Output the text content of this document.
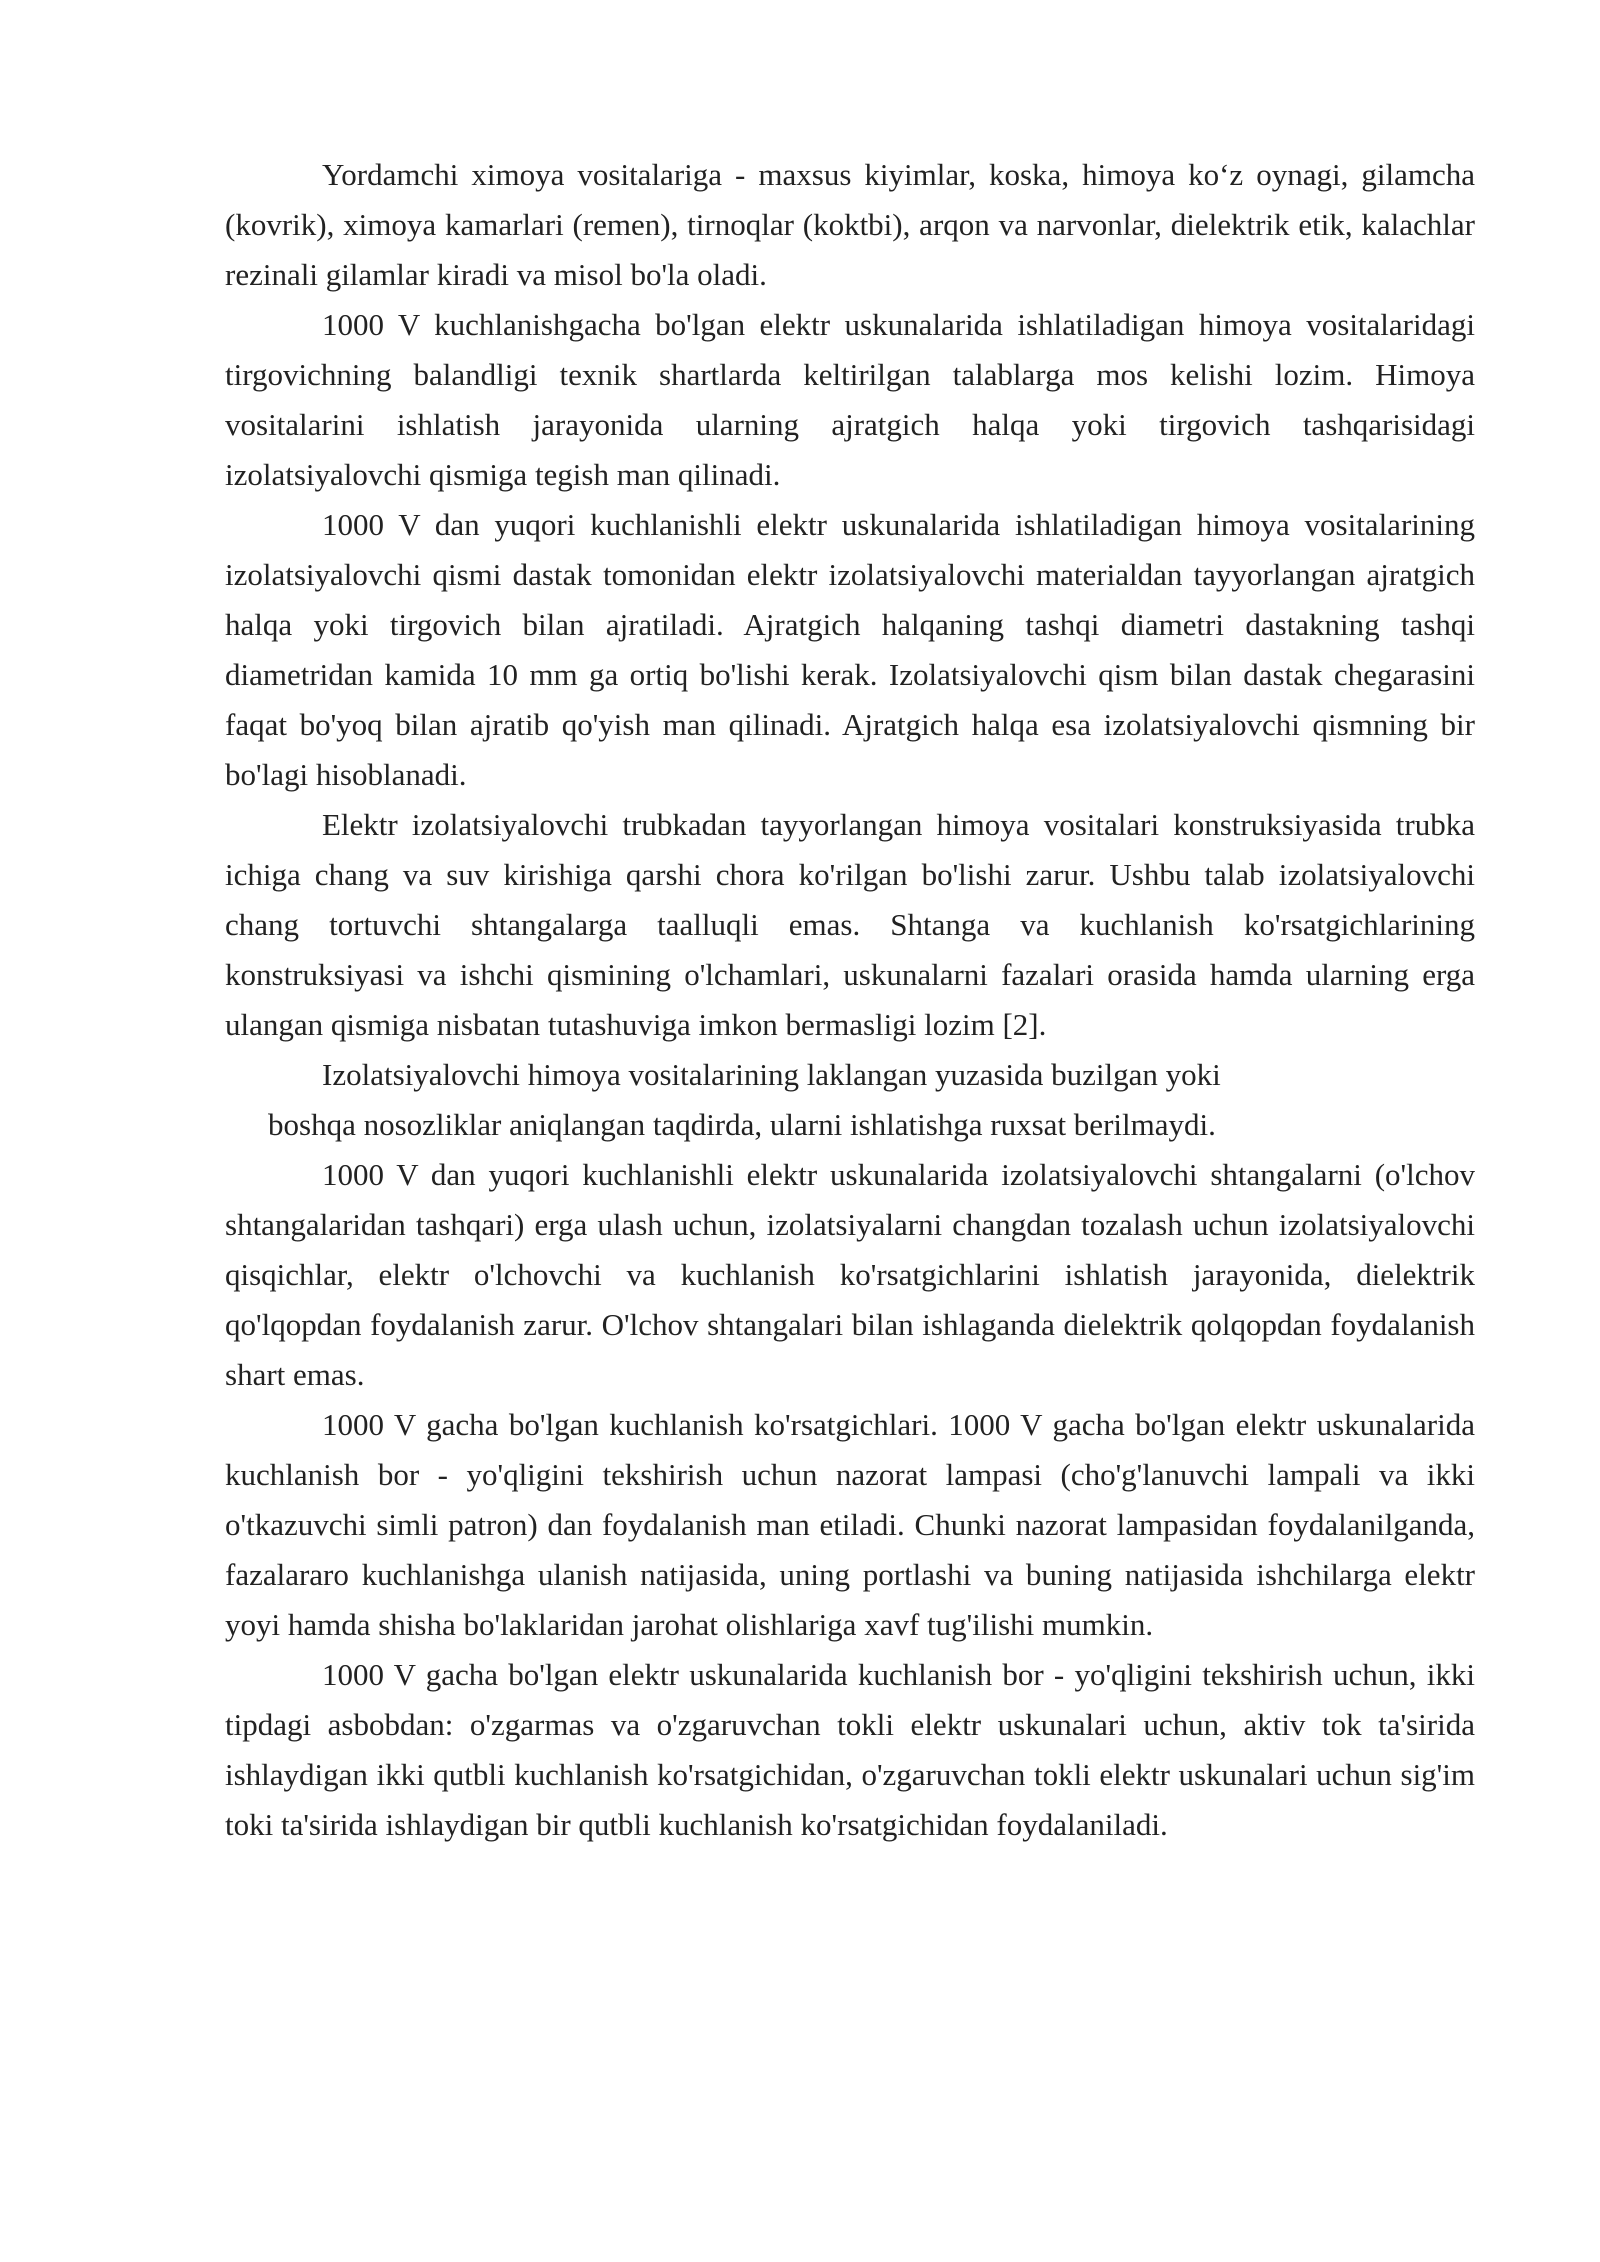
Yordamchi ximoya vositalariga - maxsus kiyimlar, koska, himoya ko‘z oynagi, gilamcha (kovrik), ximoya kamarlari (remen), tirnoqlar (koktbi), arqon va narvonlar, dielektrik etik, kalachlar rezinali gilamlar kiradi va misol bo'la oladi.

1000 V kuchlanishgacha bo'lgan elektr uskunalarida ishlatiladigan himoya vositalaridagi tirgovichning balandligi texnik shartlarda keltirilgan talablarga mos kelishi lozim. Himoya vositalarini ishlatish jarayonida ularning ajratgich halqa yoki tirgovich tashqarisidagi izolatsiyalovchi qismiga tegish man qilinadi.

1000 V dan yuqori kuchlanishli elektr uskunalarida ishlatiladigan himoya vositalarining izolatsiyalovchi qismi dastak tomonidan elektr izolatsiyalovchi materialdan tayyorlangan ajratgich halqa yoki tirgovich bilan ajratiladi. Ajratgich halqaning tashqi diametri dastakning tashqi diametridan kamida 10 mm ga ortiq bo'lishi kerak. Izolatsiyalovchi qism bilan dastak chegarasini faqat bo'yoq bilan ajratib qo'yish man qilinadi. Ajratgich halqa esa izolatsiyalovchi qismning bir bo'lagi hisoblanadi.

Elektr izolatsiyalovchi trubkadan tayyorlangan himoya vositalari konstruksiyasida trubka ichiga chang va suv kirishiga qarshi chora ko'rilgan bo'lishi zarur. Ushbu talab izolatsiyalovchi chang tortuvchi shtangalarga taalluqli emas. Shtanga va kuchlanish ko'rsatgichlarining konstruksiyasi va ishchi qismining o'lchamlari, uskunalarni fazalari orasida hamda ularning erga ulangan qismiga nisbatan tutashuviga imkon bermasligi lozim [2].

Izolatsiyalovchi himoya vositalarining laklangan yuzasida buzilgan yoki
boshqa nosozliklar aniqlangan taqdirda, ularni ishlatishga ruxsat berilmaydi.

1000 V dan yuqori kuchlanishli elektr uskunalarida izolatsiyalovchi shtangalarni (o'lchov shtangalaridan tashqari) erga ulash uchun, izolatsiyalarni changdan tozalash uchun izolatsiyalovchi qisqichlar, elektr o'lchovchi va kuchlanish ko'rsatgichlarini ishlatish jarayonida, dielektrik qo'lqopdan foydalanish zarur. O'lchov shtangalari bilan ishlaganda dielektrik qolqopdan foydalanish shart emas.

1000 V gacha bo'lgan kuchlanish ko'rsatgichlari. 1000 V gacha bo'lgan elektr uskunalarida kuchlanish bor - yo'qligini tekshirish uchun nazorat lampasi (cho'g'lanuvchi lampali va ikki o'tkazuvchi simli patron) dan foydalanish man etiladi. Chunki nazorat lampasidan foydalanilganda, fazalararo kuchlanishga ulanish natijasida, uning portlashi va buning natijasida ishchilarga elektr yoyi hamda shisha bo'laklaridan jarohat olishlariga xavf tug'ilishi mumkin.

1000 V gacha bo'lgan elektr uskunalarida kuchlanish bor - yo'qligini tekshirish uchun, ikki tipdagi asbobdan: o'zgarmas va o'zgaruvchan tokli elektr uskunalari uchun, aktiv tok ta'sirida ishlaydigan ikki qutbli kuchlanish ko'rsatgichidan, o'zgaruvchan tokli elektr uskunalari uchun sig'im toki ta'sirida ishlaydigan bir qutbli kuchlanish ko'rsatgichidan foydalaniladi.
